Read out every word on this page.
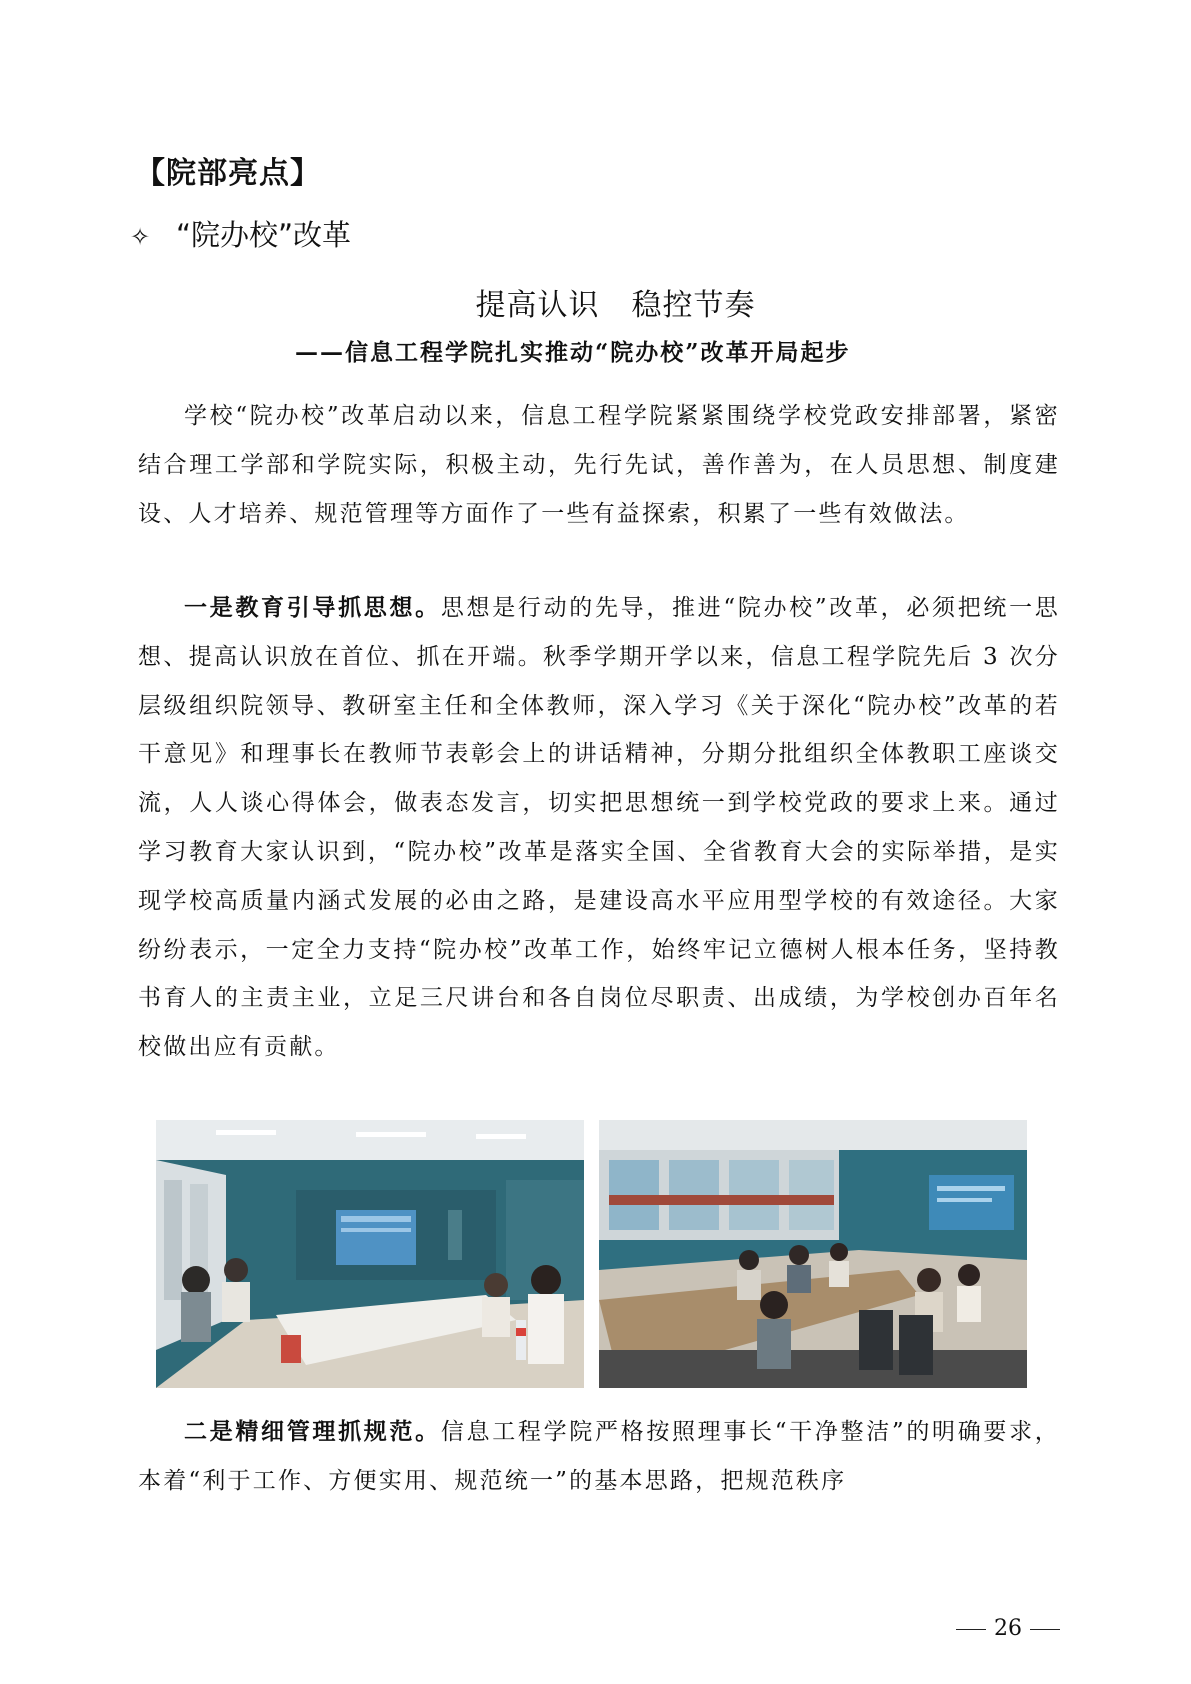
【院部亮点】
✧ “院办校”改革
提高认识 稳控节奏
——信息工程学院扎实推动“院办校”改革开局起步
学校“院办校”改革启动以来，信息工程学院紧紧围绕学校党政安排部署，紧密结合理工学部和学院实际，积极主动，先行先试，善作善为，在人员思想、制度建设、人才培养、规范管理等方面作了一些有益探索，积累了一些有效做法。
一是教育引导抓思想。思想是行动的先导，推进“院办校”改革，必须把统一思想、提高认识放在首位、抓在开端。秋季学期开学以来，信息工程学院先后 3 次分层级组织院领导、教研室主任和全体教师，深入学习《关于深化“院办校”改革的若干意见》和理事长在教师节表彰会上的讲话精神，分期分批组织全体教职工座谈交流，人人谈心得体会，做表态发言，切实把思想统一到学校党政的要求上来。通过学习教育大家认识到，“院办校”改革是落实全国、全省教育大会的实际举措，是实现学校高质量内涵式发展的必由之路，是建设高水平应用型学校的有效途径。大家纷纷表示，一定全力支持“院办校”改革工作，始终牢记立德树人根本任务，坚持教书育人的主责主业，立足三尺讲台和各自岗位尽职责、出成绩，为学校创办百年名校做出应有贡献。
二是精细管理抓规范。信息工程学院严格按照理事长“干净整洁”的明确要求，本着“利于工作、方便实用、规范统一”的基本思路，把规范秩序
26
